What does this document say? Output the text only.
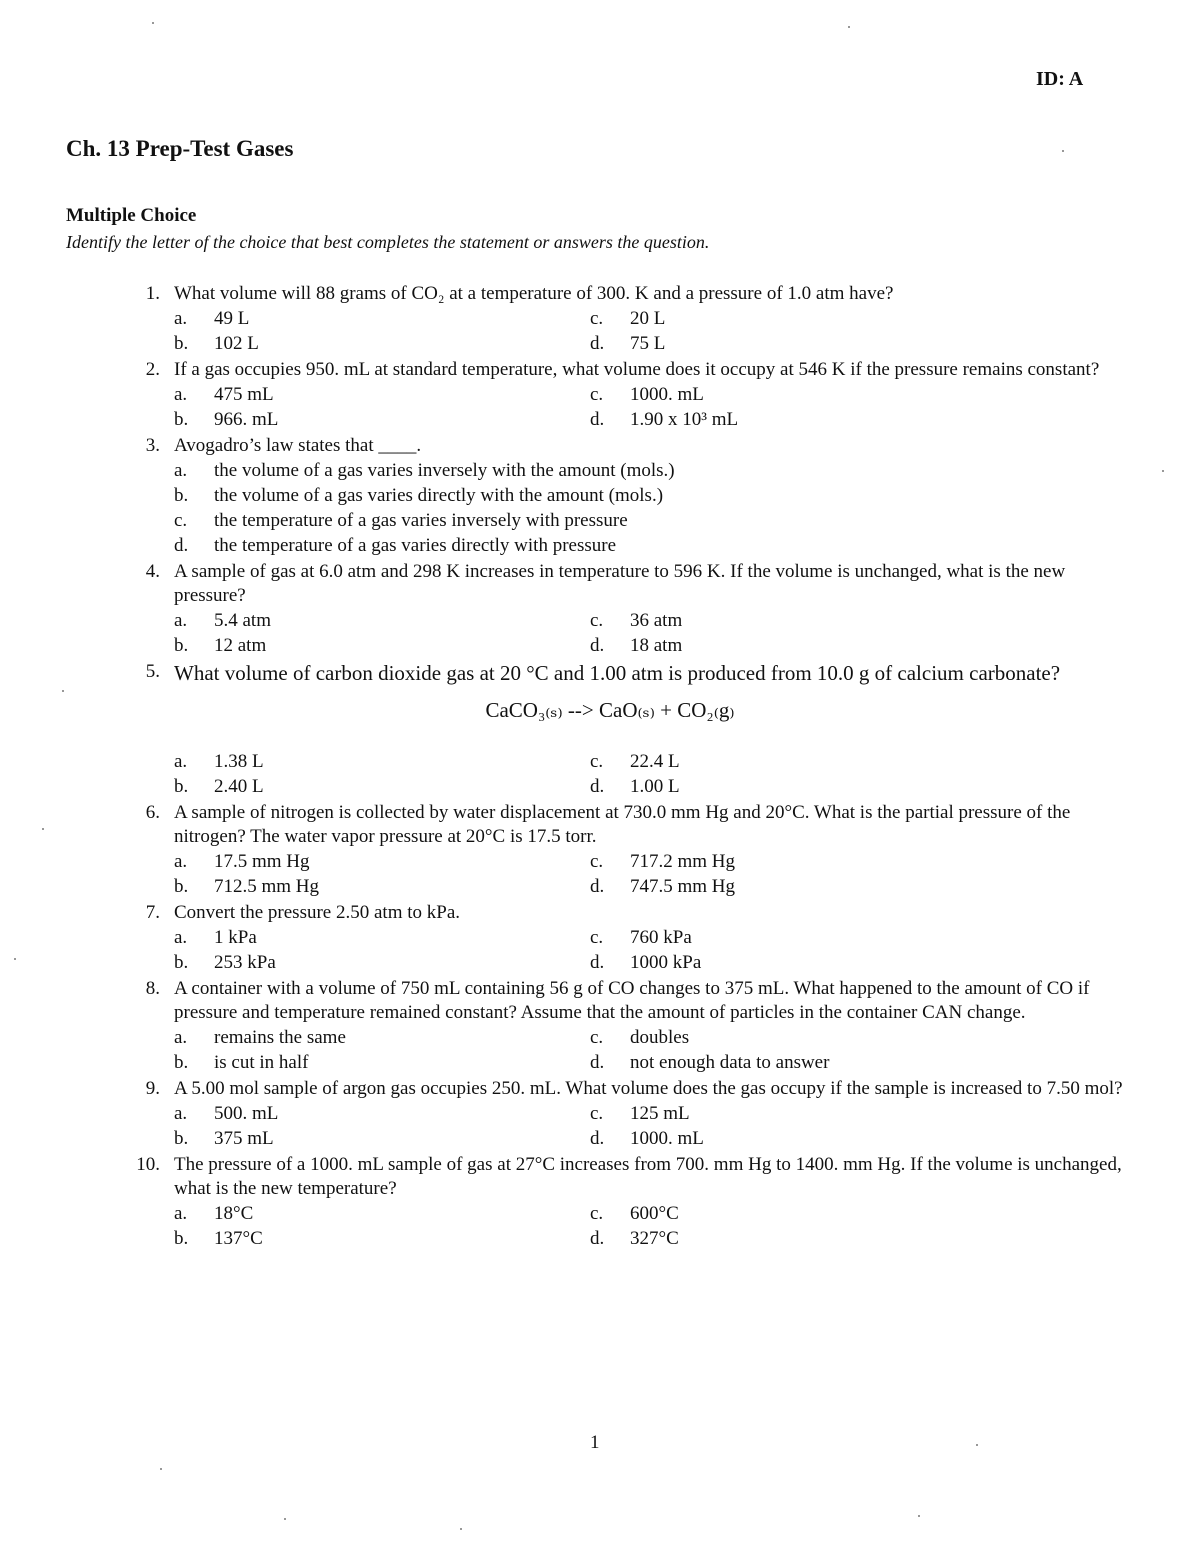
ID: A
Ch. 13 Prep-Test Gases
Multiple Choice
Identify the letter of the choice that best completes the statement or answers the question.
1. What volume will 88 grams of CO₂ at a temperature of 300. K and a pressure of 1.0 atm have?
a.	49 L	c.	20 L
b.	102 L	d.	75 L
2. If a gas occupies 950. mL at standard temperature, what volume does it occupy at 546 K if the pressure remains constant?
a.	475 mL	c.	1000. mL
b.	966. mL	d.	1.90 x 10³ mL
3. Avogadro’s law states that ____.
a.	the volume of a gas varies inversely with the amount (mols.)
b.	the volume of a gas varies directly with the amount (mols.)
c.	the temperature of a gas varies inversely with pressure
d.	the temperature of a gas varies directly with pressure
4. A sample of gas at 6.0 atm and 298 K increases in temperature to 596 K. If the volume is unchanged, what is the new pressure?
a.	5.4 atm	c.	36 atm
b.	12 atm	d.	18 atm
5. What volume of carbon dioxide gas at 20 °C and 1.00 atm is produced from 10.0 g of calcium carbonate?
CaCO₃₍ₛ₎ --> CaO₍ₛ₎ + CO₂₍g₎
a.	1.38 L	c.	22.4 L
b.	2.40 L	d.	1.00 L
6. A sample of nitrogen is collected by water displacement at 730.0 mm Hg and 20°C. What is the partial pressure of the nitrogen? The water vapor pressure at 20°C is 17.5 torr.
a.	17.5 mm Hg	c.	717.2 mm Hg
b.	712.5 mm Hg	d.	747.5 mm Hg
7. Convert the pressure 2.50 atm to kPa.
a.	1 kPa	c.	760 kPa
b.	253 kPa	d.	1000 kPa
8. A container with a volume of 750 mL containing 56 g of CO changes to 375 mL. What happened to the amount of CO if pressure and temperature remained constant? Assume that the amount of particles in the container CAN change.
a.	remains the same	c.	doubles
b.	is cut in half	d.	not enough data to answer
9. A 5.00 mol sample of argon gas occupies 250. mL. What volume does the gas occupy if the sample is increased to 7.50 mol?
a.	500. mL	c.	125 mL
b.	375 mL	d.	1000. mL
10. The pressure of a 1000. mL sample of gas at 27°C increases from 700. mm Hg to 1400. mm Hg. If the volume is unchanged, what is the new temperature?
a.	18°C	c.	600°C
b.	137°C	d.	327°C
1
